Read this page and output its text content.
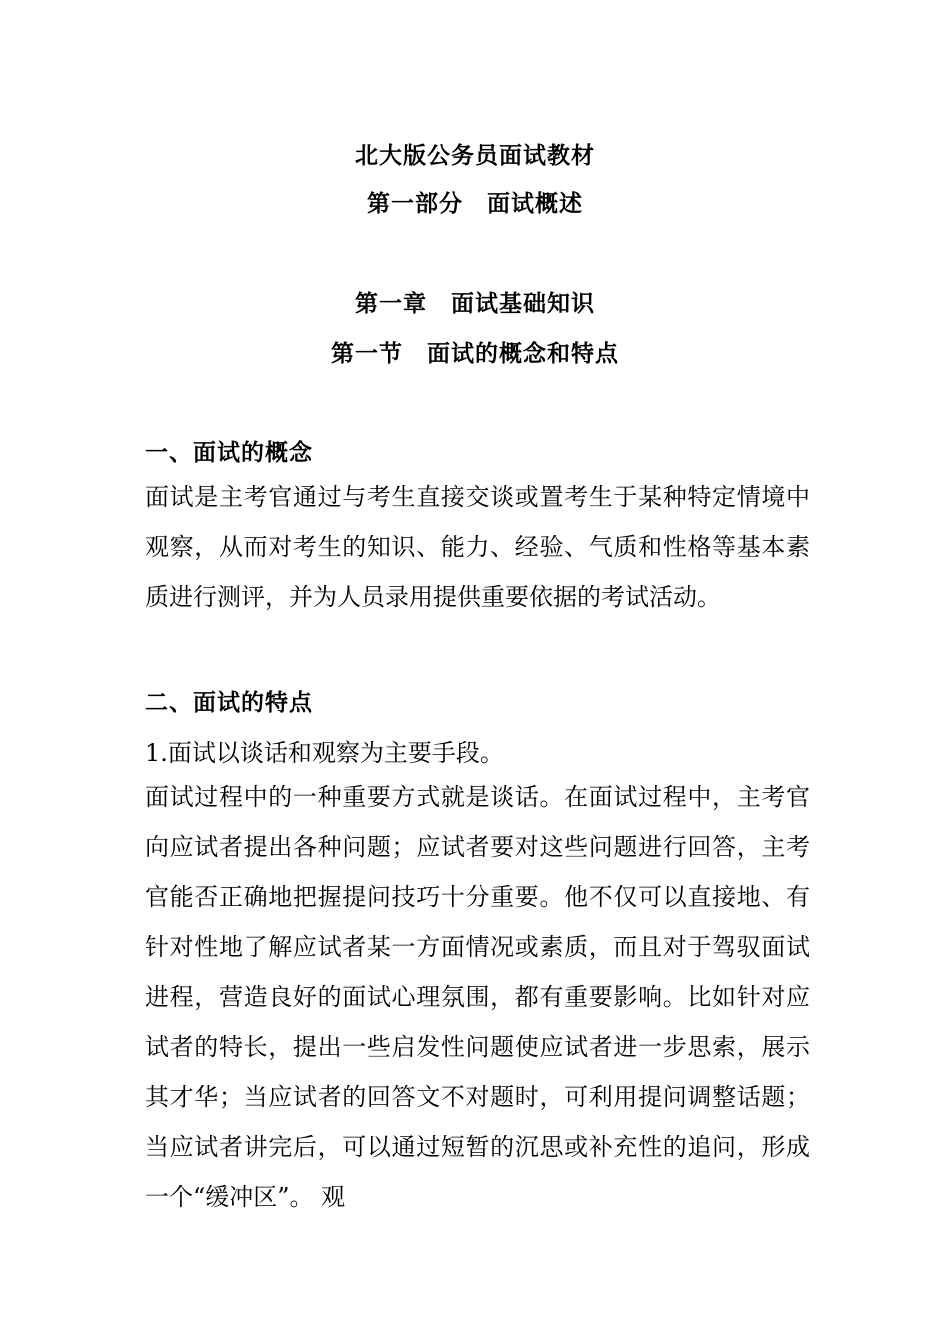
北大版公务员面试教材
第一部分　面试概述
第一章　面试基础知识
第一节　面试的概念和特点
一、面试的概念
面试是主考官通过与考生直接交谈或置考生于某种特定情境中观察，从而对考生的知识、能力、经验、气质和性格等基本素质进行测评，并为人员录用提供重要依据的考试活动。
二、面试的特点
1.面试以谈话和观察为主要手段。
面试过程中的一种重要方式就是谈话。在面试过程中，主考官向应试者提出各种问题；应试者要对这些问题进行回答，主考官能否正确地把握提问技巧十分重要。他不仅可以直接地、有针对性地了解应试者某一方面情况或素质，而且对于驾驭面试进程，营造良好的面试心理氛围，都有重要影响。比如针对应试者的特长，提出一些启发性问题使应试者进一步思索，展示其才华；当应试者的回答文不对题时，可利用提问调整话题；当应试者讲完后，可以通过短暂的沉思或补充性的追问，形成一个“缓冲区”。 观
